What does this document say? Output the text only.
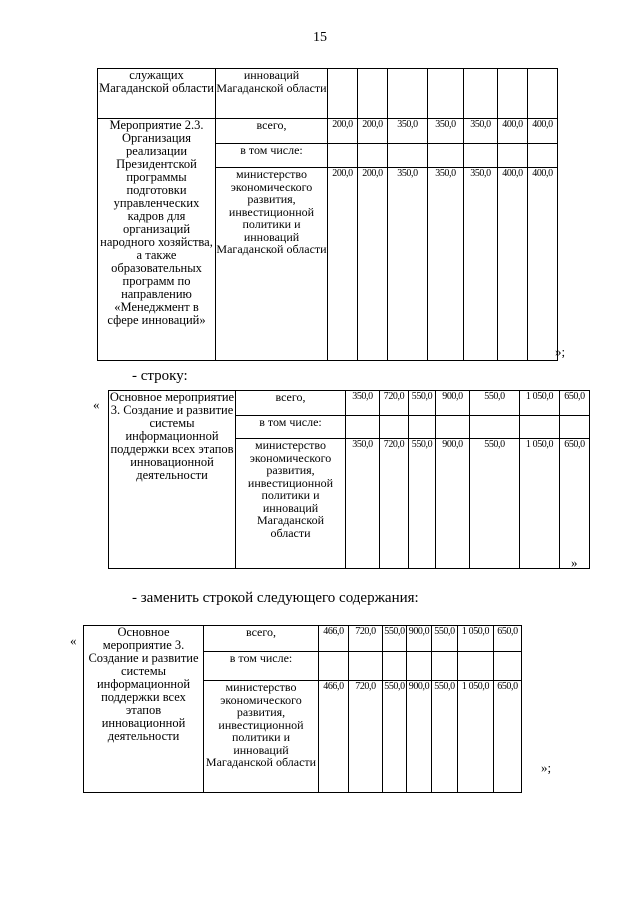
15
служащих Магаданской области	инноваций Магаданской области							
Мероприятие 2.3. Организация реализации Президентской программы подготовки управленческих кадров для организаций народного хозяйства, а также образовательных программ по направлению «Менеджмент в сфере инноваций»	всего,	200,0	200,0	350,0	350,0	350,0	400,0	400,0
	в том числе:							
	министерство экономического развития, инвестиционной политики и инноваций Магаданской области	200,0	200,0	350,0	350,0	350,0	400,0	400,0
»;
- строку:
« Основное мероприятие 3. Создание и развитие системы информационной поддержки всех этапов инновационной деятельности	всего,	350,0	720,0	550,0	900,0	550,0	1 050,0	650,0
	в том числе:							
	министерство экономического развития, инвестиционной политики и инноваций Магаданской области	350,0	720,0	550,0	900,0	550,0	1 050,0	650,0
»
- заменить строкой следующего содержания:
«
Основное мероприятие 3. Создание и развитие системы информационной поддержки всех этапов инновационной деятельности	всего,	466,0	720,0	550,0	900,0	550,0	1 050,0	650,0
	в том числе:							
	министерство экономического развития, инвестиционной политики и инноваций Магаданской области	466,0	720,0	550,0	900,0	550,0	1 050,0	650,0
»;
